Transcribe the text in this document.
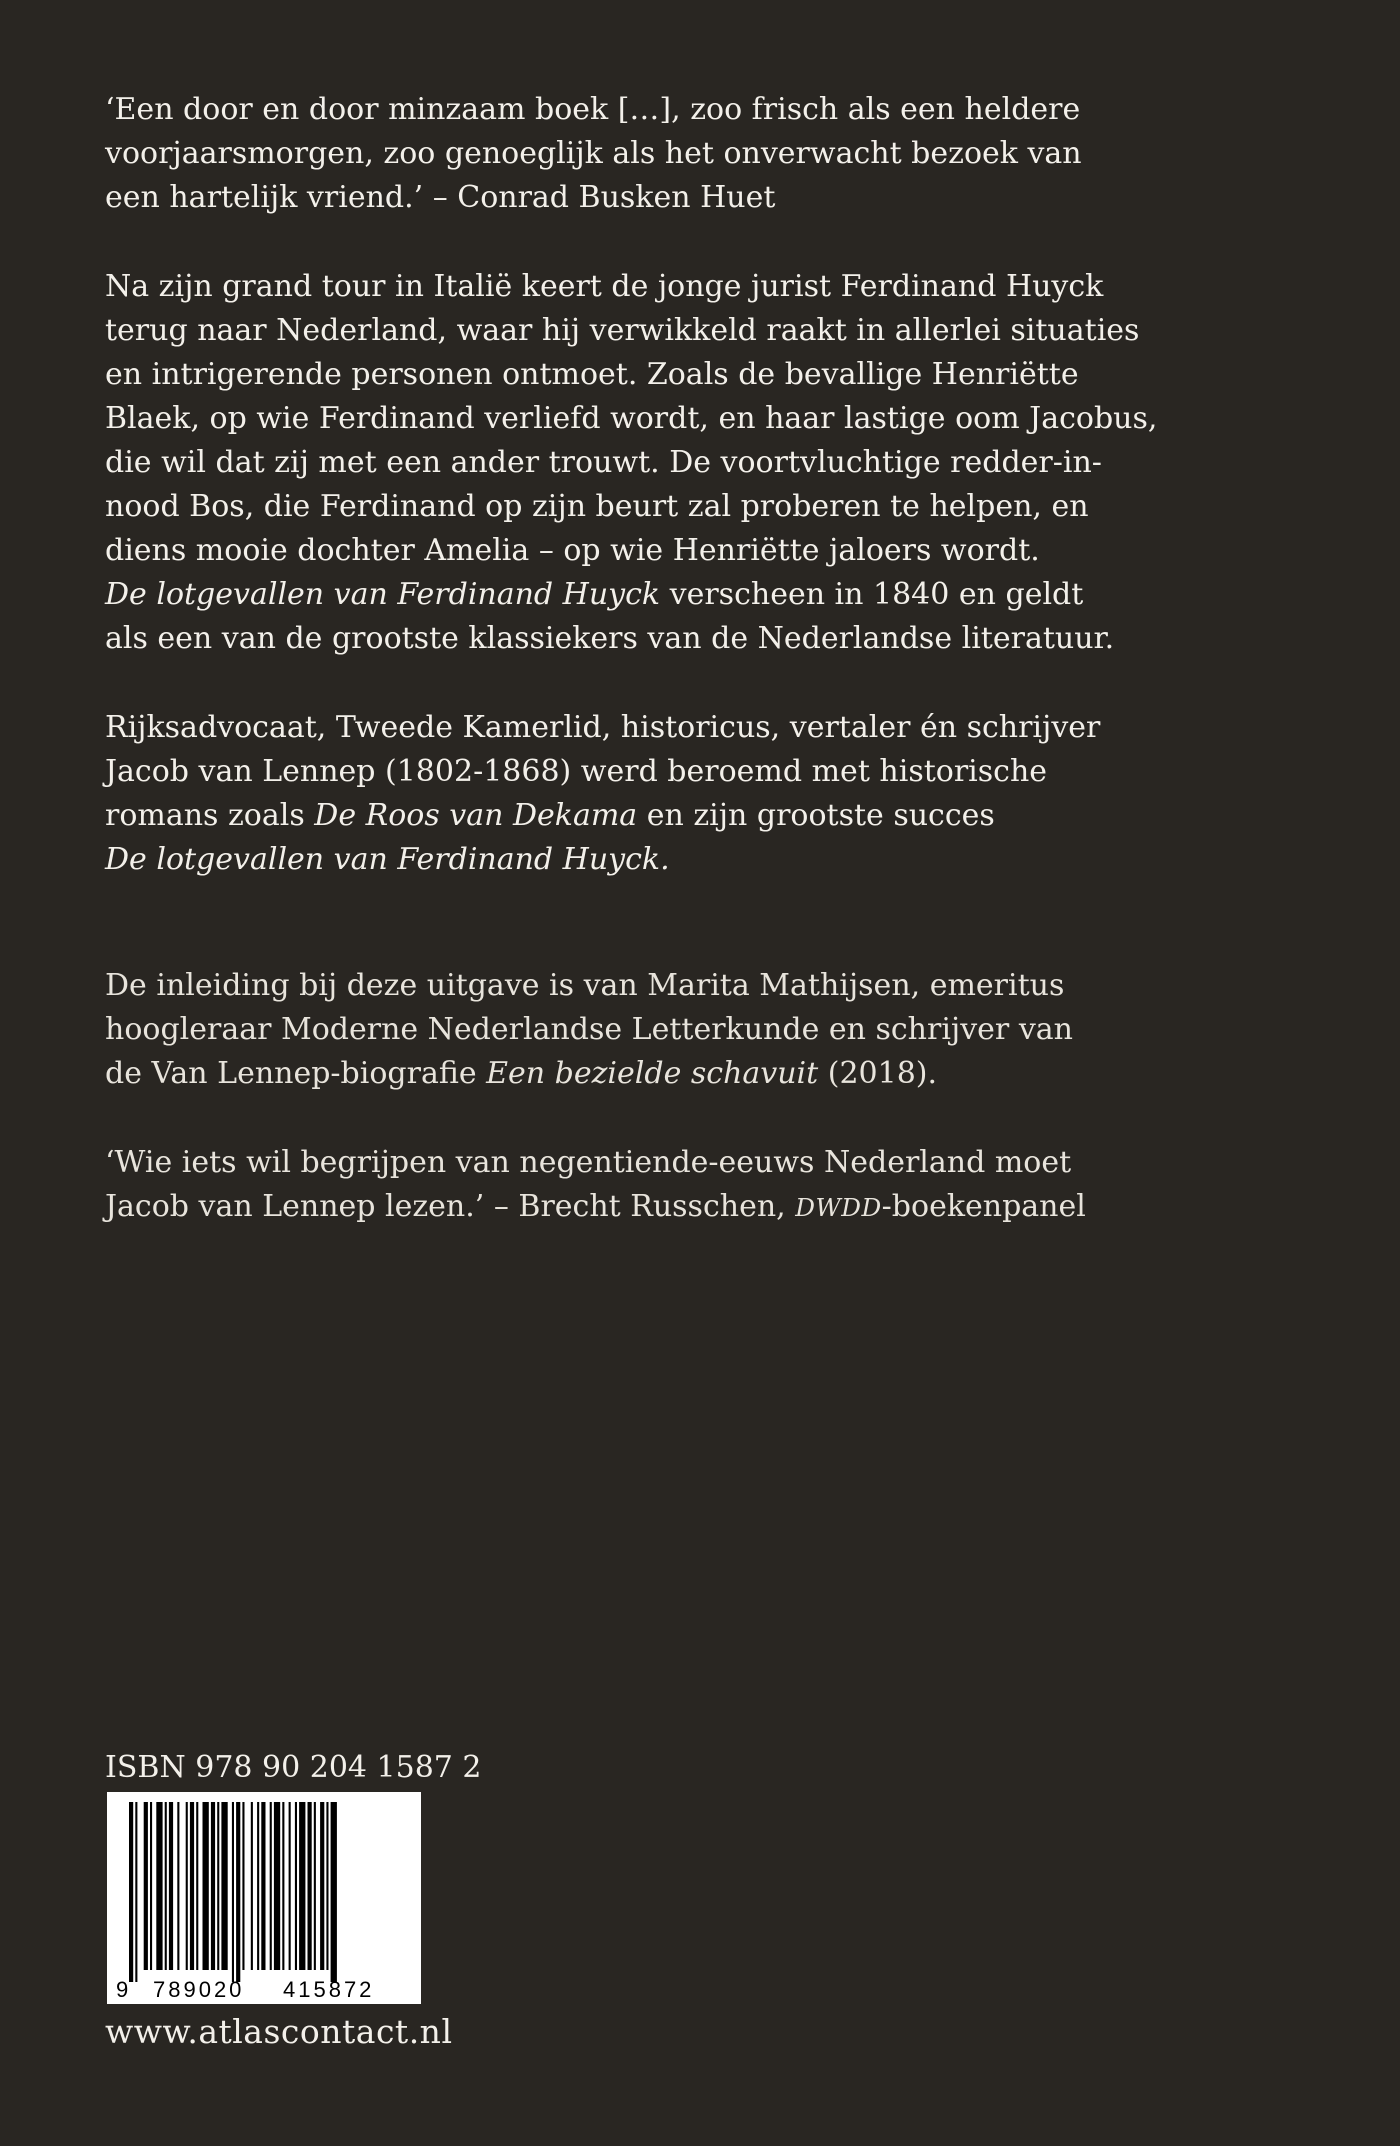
‘Een door en door minzaam boek […], zoo frisch als een heldere
voorjaarsmorgen, zoo genoeglijk als het onverwacht bezoek van
een hartelijk vriend.’ – Conrad Busken Huet

Na zijn grand tour in Italië keert de jonge jurist Ferdinand Huyck
terug naar Nederland, waar hij verwikkeld raakt in allerlei situaties
en intrigerende personen ontmoet. Zoals de bevallige Henriëtte
Blaek, op wie Ferdinand verliefd wordt, en haar lastige oom Jacobus,
die wil dat zij met een ander trouwt. De voortvluchtige redder-in-
nood Bos, die Ferdinand op zijn beurt zal proberen te helpen, en
diens mooie dochter Amelia – op wie Henriëtte jaloers wordt.
De lotgevallen van Ferdinand Huyck verscheen in 1840 en geldt
als een van de grootste klassiekers van de Nederlandse literatuur.

Rijksadvocaat, Tweede Kamerlid, historicus, vertaler én schrijver
Jacob van Lennep (1802-1868) werd beroemd met historische
romans zoals De Roos van Dekama en zijn grootste succes
De lotgevallen van Ferdinand Huyck.

De inleiding bij deze uitgave is van Marita Mathijsen, emeritus
hoogleraar Moderne Nederlandse Letterkunde en schrijver van
de Van Lennep-biografie Een bezielde schavuit (2018).

‘Wie iets wil begrijpen van negentiende-eeuws Nederland moet
Jacob van Lennep lezen.’ – Brecht Russchen, DWDD-boekenpanel

ISBN 978 90 204 1587 2
9 789020 415872
www.atlascontact.nl
